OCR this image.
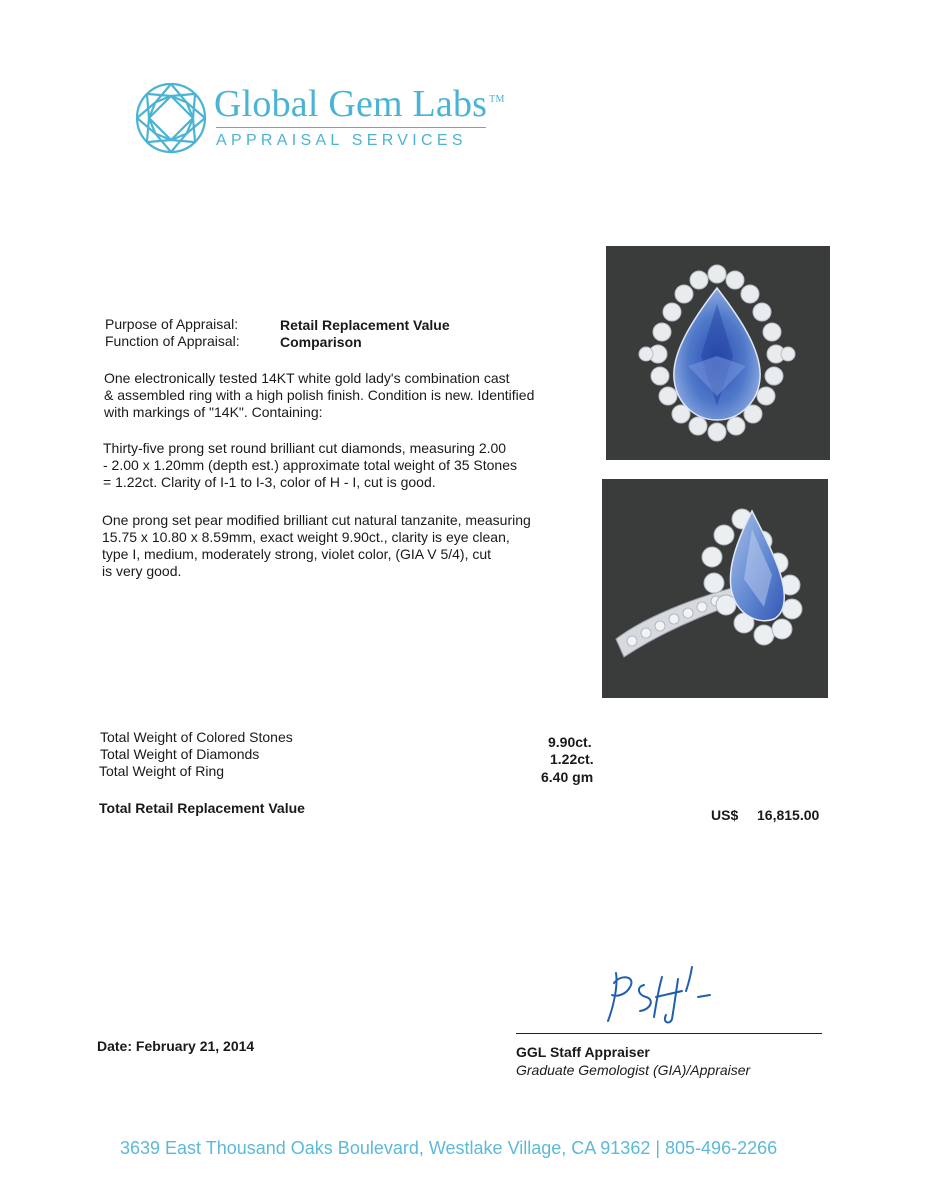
Global Gem Labs ™
APPRAISAL SERVICES
Purpose of Appraisal:	Retail Replacement Value
Function of Appraisal:	Comparison
One electronically tested 14KT white gold lady's combination cast
& assembled ring with a high polish finish. Condition is new. Identified
with markings of "14K". Containing:
Thirty-five prong set round brilliant cut diamonds, measuring 2.00
- 2.00 x 1.20mm (depth est.) approximate total weight of 35 Stones
= 1.22ct. Clarity of I-1 to I-3, color of H - I, cut is good.
One prong set pear modified brilliant cut natural tanzanite, measuring
15.75 x 10.80 x 8.59mm, exact weight 9.90ct., clarity is eye clean,
type I, medium, moderately strong, violet color, (GIA V 5/4), cut
is very good.
Total Weight of Colored Stones	9.90ct.
Total Weight of Diamonds	1.22ct.
Total Weight of Ring	6.40 gm
Total Retail Replacement Value	US$ 16,815.00
Date: February 21, 2014	GGL Staff Appraiser
Graduate Gemologist (GIA)/Appraiser
3639 East Thousand Oaks Boulevard, Westlake Village, CA 91362 | 805-496-2266
